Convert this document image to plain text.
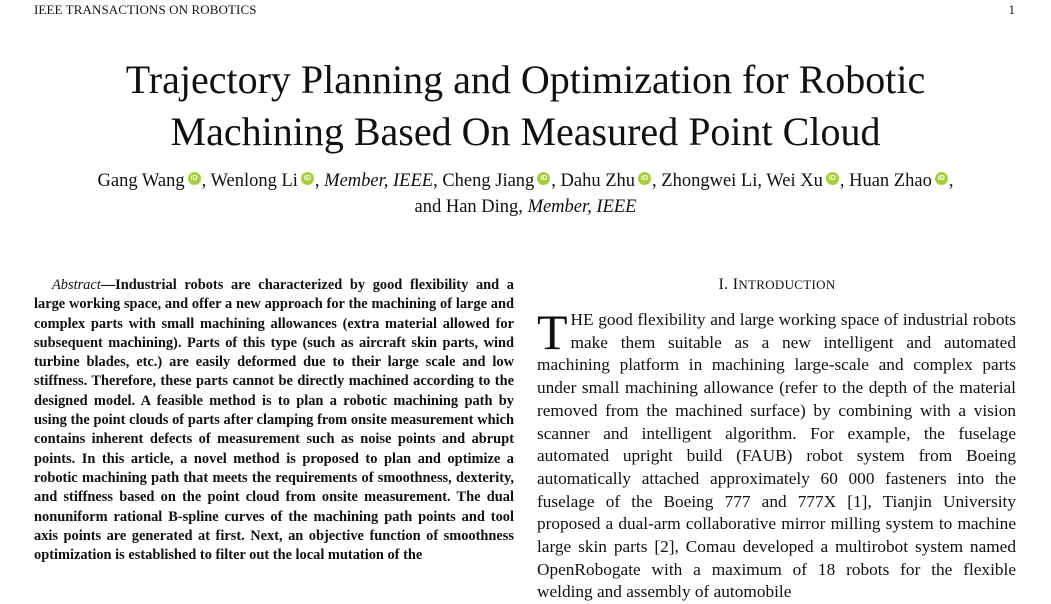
IEEE TRANSACTIONS ON ROBOTICS	1
Trajectory Planning and Optimization for Robotic
Machining Based On Measured Point Cloud
Gang Wang iD , Wenlong Li iD , Member, IEEE, Cheng Jiang iD , Dahu Zhu iD , Zhongwei Li, Wei Xu iD , Huan Zhao iD ,
and Han Ding, Member, IEEE

Abstract—Industrial robots are characterized by good flexibility and a large working space, and offer a new approach for the machining of large and complex parts with small machining allowances (extra material allowed for subsequent machining). Parts of this type (such as aircraft skin parts, wind turbine blades, etc.) are easily deformed due to their large scale and low stiffness. Therefore, these parts cannot be directly machined according to the designed model. A feasible method is to plan a robotic machining path by using the point clouds of parts after clamping from onsite measurement which contains inherent defects of measurement such as noise points and abrupt points. In this article, a novel method is proposed to plan and optimize a robotic machining path that meets the requirements of smoothness, dexterity, and stiffness based on the point cloud from onsite measurement. The dual nonuniform rational B-spline curves of the machining path points and tool axis points are generated at first. Next, an objective function of smoothness optimization is established to filter out the local mutation of the

I. INTRODUCTION

THE good flexibility and large working space of industrial robots make them suitable as a new intelligent and automated machining platform in machining large-scale and complex parts under small machining allowance (refer to the depth of the material removed from the machined surface) by combining with a vision scanner and intelligent algorithm. For example, the fuselage automated upright build (FAUB) robot system from Boeing automatically attached approximately 60 000 fasteners into the fuselage of the Boeing 777 and 777X [1], Tianjin University proposed a dual-arm collaborative mirror milling system to machine large skin parts [2], Comau developed a multirobot system named OpenRobogate with a maximum of 18 robots for the flexible welding and assembly of automobile
